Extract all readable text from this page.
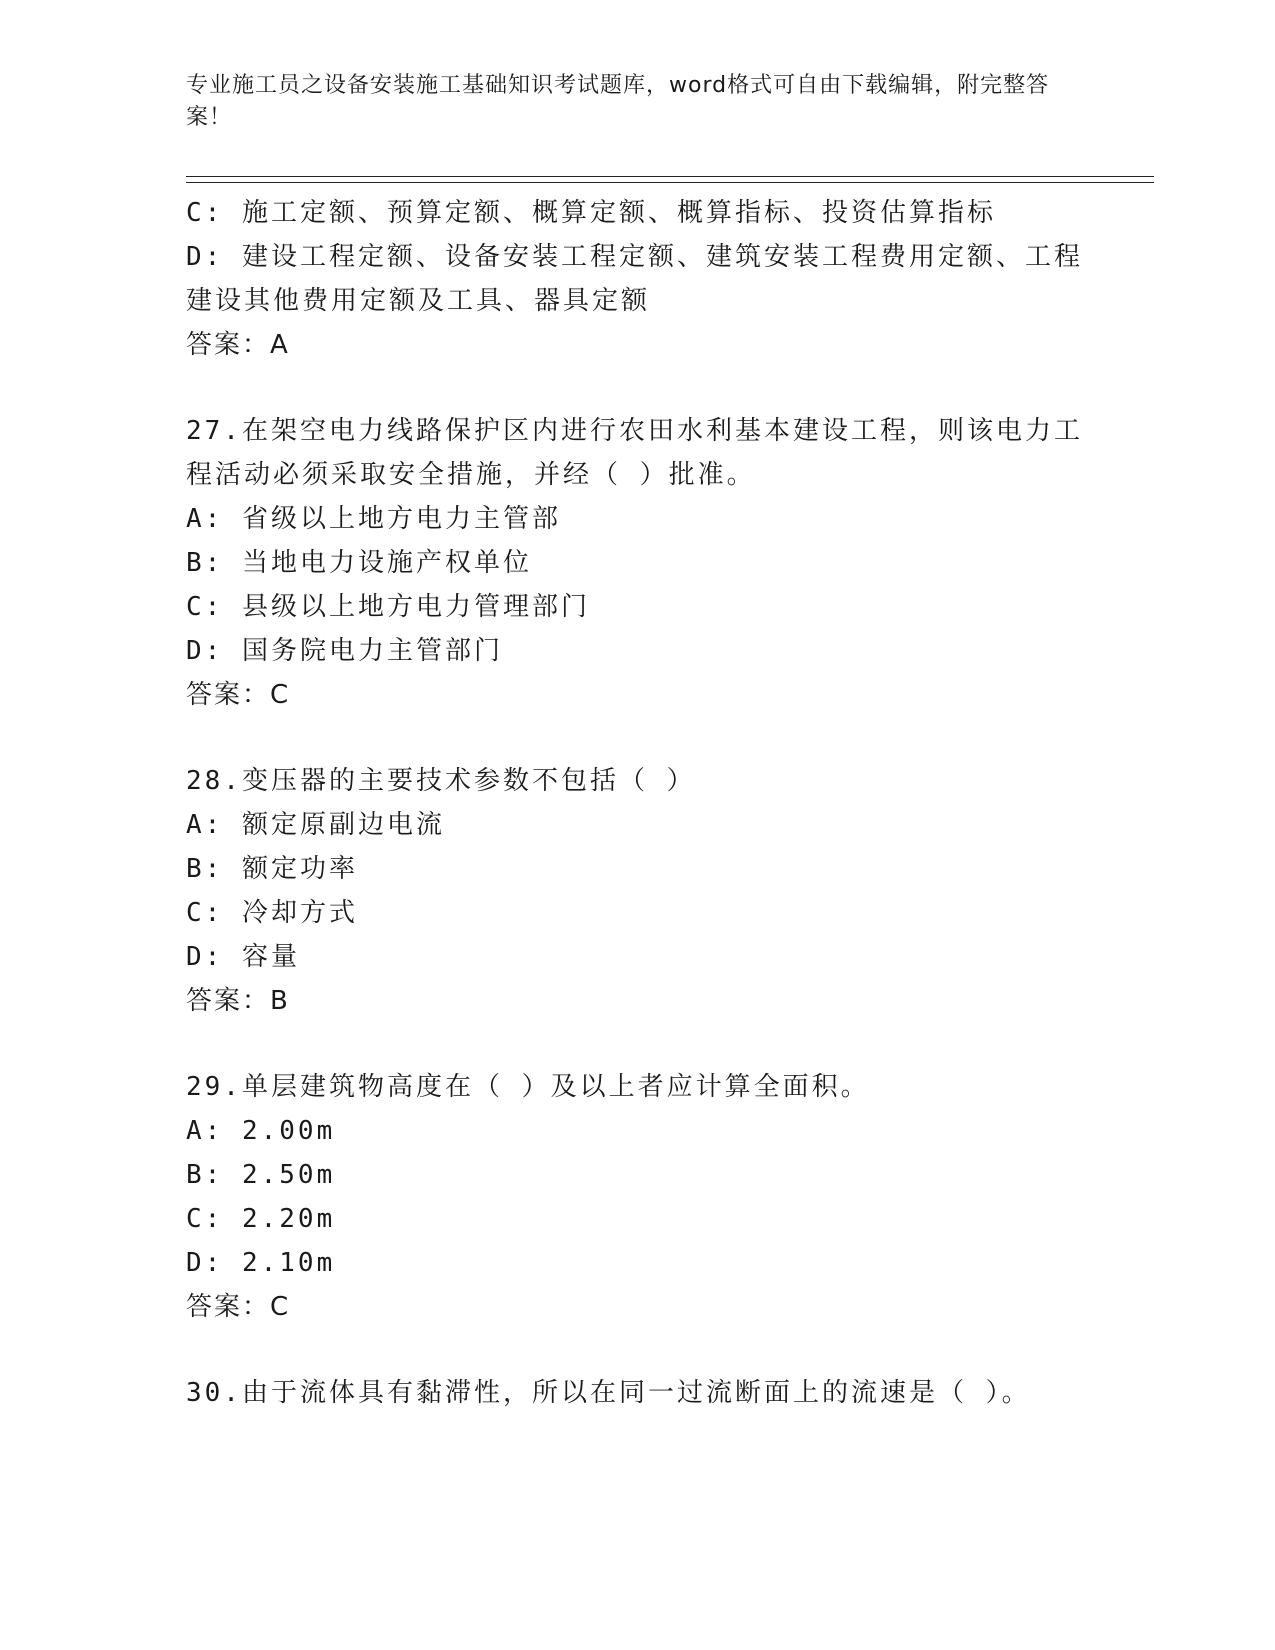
专业施工员之设备安装施工基础知识考试题库，word格式可自由下载编辑，附完整答案！
C: 施工定额、预算定额、概算定额、概算指标、投资估算指标
D: 建设工程定额、设备安装工程定额、建筑安装工程费用定额、工程
建设其他费用定额及工具、器具定额
答案：A
27.在架空电力线路保护区内进行农田水利基本建设工程，则该电力工
程活动必须采取安全措施，并经（ ）批准。
A: 省级以上地方电力主管部
B: 当地电力设施产权单位
C: 县级以上地方电力管理部门
D: 国务院电力主管部门
答案：C
28.变压器的主要技术参数不包括（ ）
A: 额定原副边电流
B: 额定功率
C: 冷却方式
D: 容量
答案：B
29.单层建筑物高度在（ ）及以上者应计算全面积。
A: 2.00m
B: 2.50m
C: 2.20m
D: 2.10m
答案：C
30.由于流体具有黏滞性，所以在同一过流断面上的流速是（ ）。
